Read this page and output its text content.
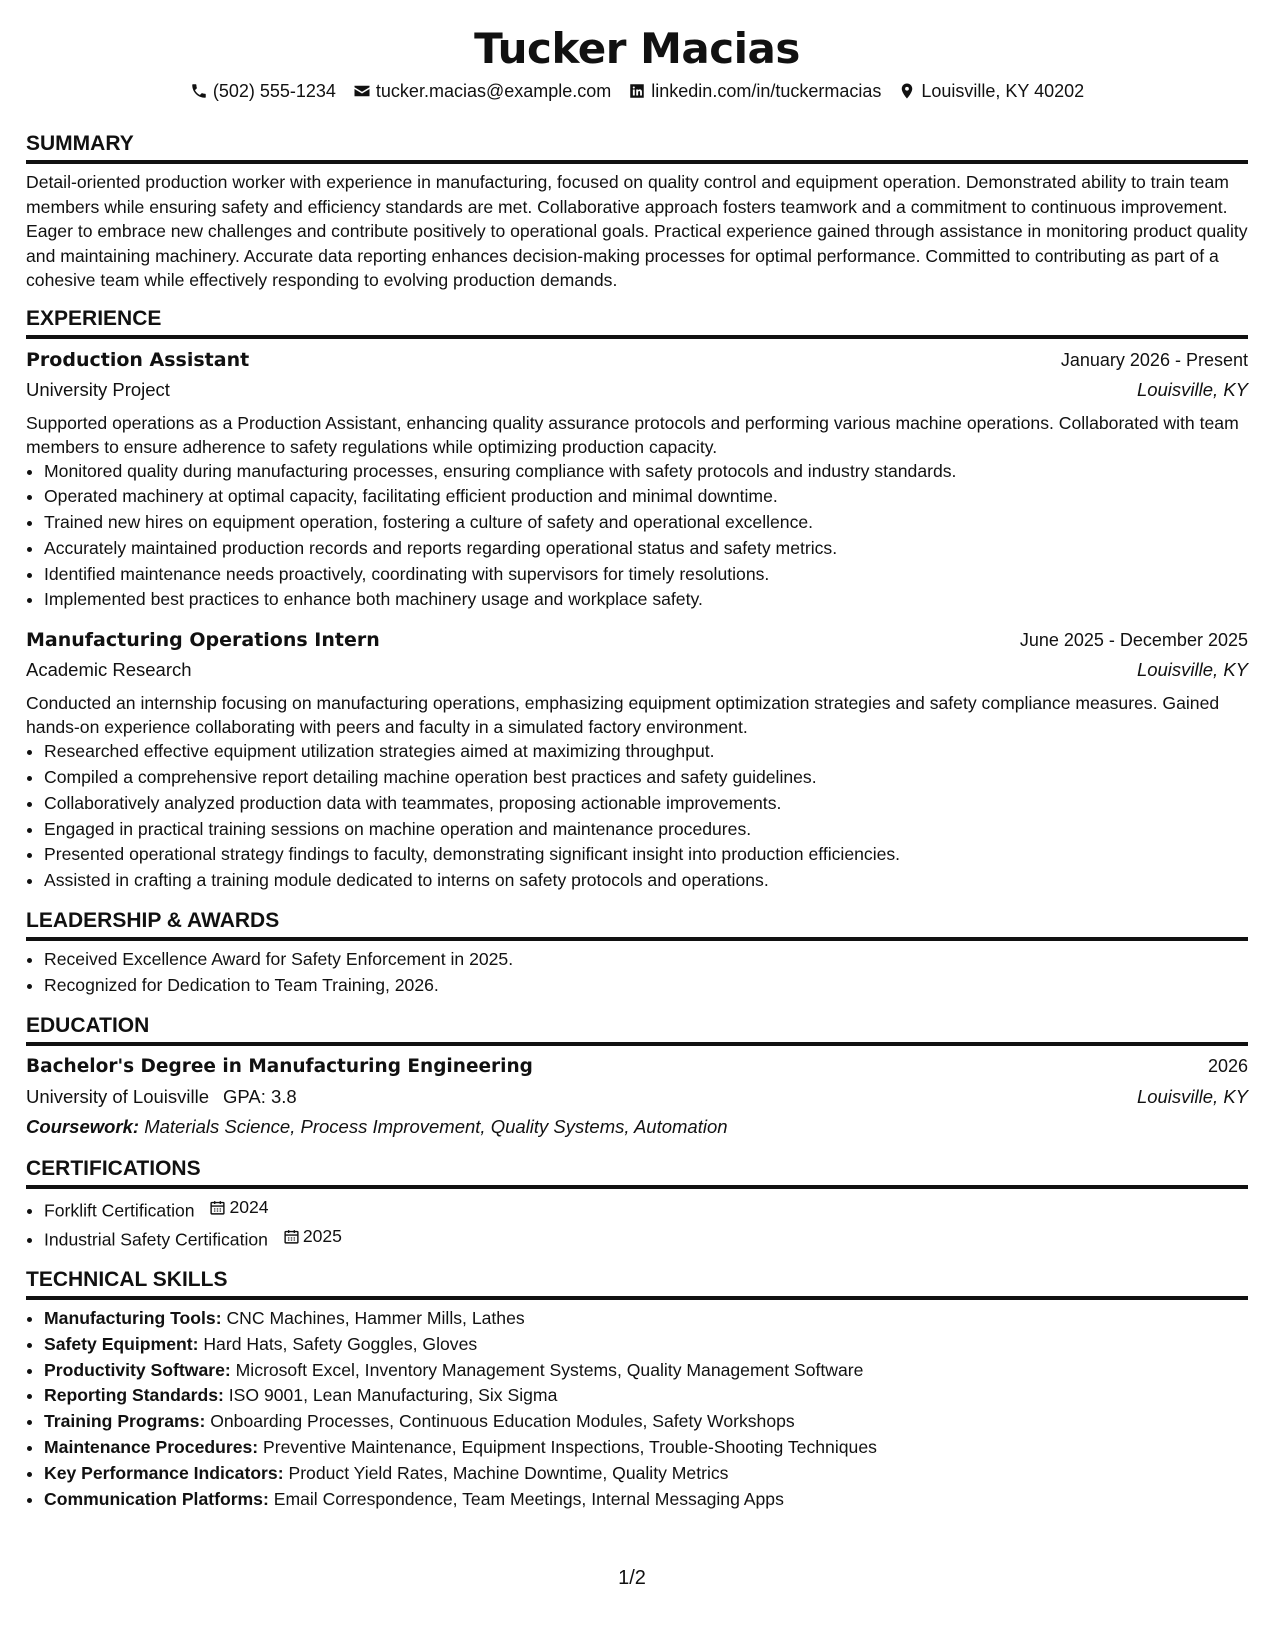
Tucker Macias
(502) 555-1234 tucker.macias@example.com linkedin.com/in/tuckermacias Louisville, KY 40202
SUMMARY

Detail-oriented production worker with experience in manufacturing, focused on quality control and equipment operation. Demonstrated ability to train team members while ensuring safety and efficiency standards are met. Collaborative approach fosters teamwork and a commitment to continuous improvement. Eager to embrace new challenges and contribute positively to operational goals. Practical experience gained through assistance in monitoring product quality and maintaining machinery. Accurate data reporting enhances decision-making processes for optimal performance. Committed to contributing as part of a cohesive team while effectively responding to evolving production demands.

EXPERIENCE
Production Assistant	January 2026 - Present
University Project	Louisville, KY

Supported operations as a Production Assistant, enhancing quality assurance protocols and performing various machine operations. Collaborated with team members to ensure adherence to safety regulations while optimizing production capacity.

• Monitored quality during manufacturing processes, ensuring compliance with safety protocols and industry standards.
• Operated machinery at optimal capacity, facilitating efficient production and minimal downtime.
• Trained new hires on equipment operation, fostering a culture of safety and operational excellence.
• Accurately maintained production records and reports regarding operational status and safety metrics.
• Identified maintenance needs proactively, coordinating with supervisors for timely resolutions.
• Implemented best practices to enhance both machinery usage and workplace safety.
Manufacturing Operations Intern	June 2025 - December 2025
Academic Research	Louisville, KY

Conducted an internship focusing on manufacturing operations, emphasizing equipment optimization strategies and safety compliance measures. Gained hands-on experience collaborating with peers and faculty in a simulated factory environment.

• Researched effective equipment utilization strategies aimed at maximizing throughput.
• Compiled a comprehensive report detailing machine operation best practices and safety guidelines.
• Collaboratively analyzed production data with teammates, proposing actionable improvements.
• Engaged in practical training sessions on machine operation and maintenance procedures.
• Presented operational strategy findings to faculty, demonstrating significant insight into production efficiencies.
• Assisted in crafting a training module dedicated to interns on safety protocols and operations.
LEADERSHIP & AWARDS
• Received Excellence Award for Safety Enforcement in 2025.
• Recognized for Dedication to Team Training, 2026.
EDUCATION
Bachelor's Degree in Manufacturing Engineering	2026
University of Louisville GPA: 3.8	Louisville, KY
Coursework: Materials Science, Process Improvement, Quality Systems, Automation
CERTIFICATIONS
• Forklift Certification 2024
• Industrial Safety Certification 2025
TECHNICAL SKILLS
• Manufacturing Tools: CNC Machines, Hammer Mills, Lathes
• Safety Equipment: Hard Hats, Safety Goggles, Gloves
• Productivity Software: Microsoft Excel, Inventory Management Systems, Quality Management Software
• Reporting Standards: ISO 9001, Lean Manufacturing, Six Sigma
• Training Programs: Onboarding Processes, Continuous Education Modules, Safety Workshops
• Maintenance Procedures: Preventive Maintenance, Equipment Inspections, Trouble-Shooting Techniques
• Key Performance Indicators: Product Yield Rates, Machine Downtime, Quality Metrics
• Communication Platforms: Email Correspondence, Team Meetings, Internal Messaging Apps
1/2
